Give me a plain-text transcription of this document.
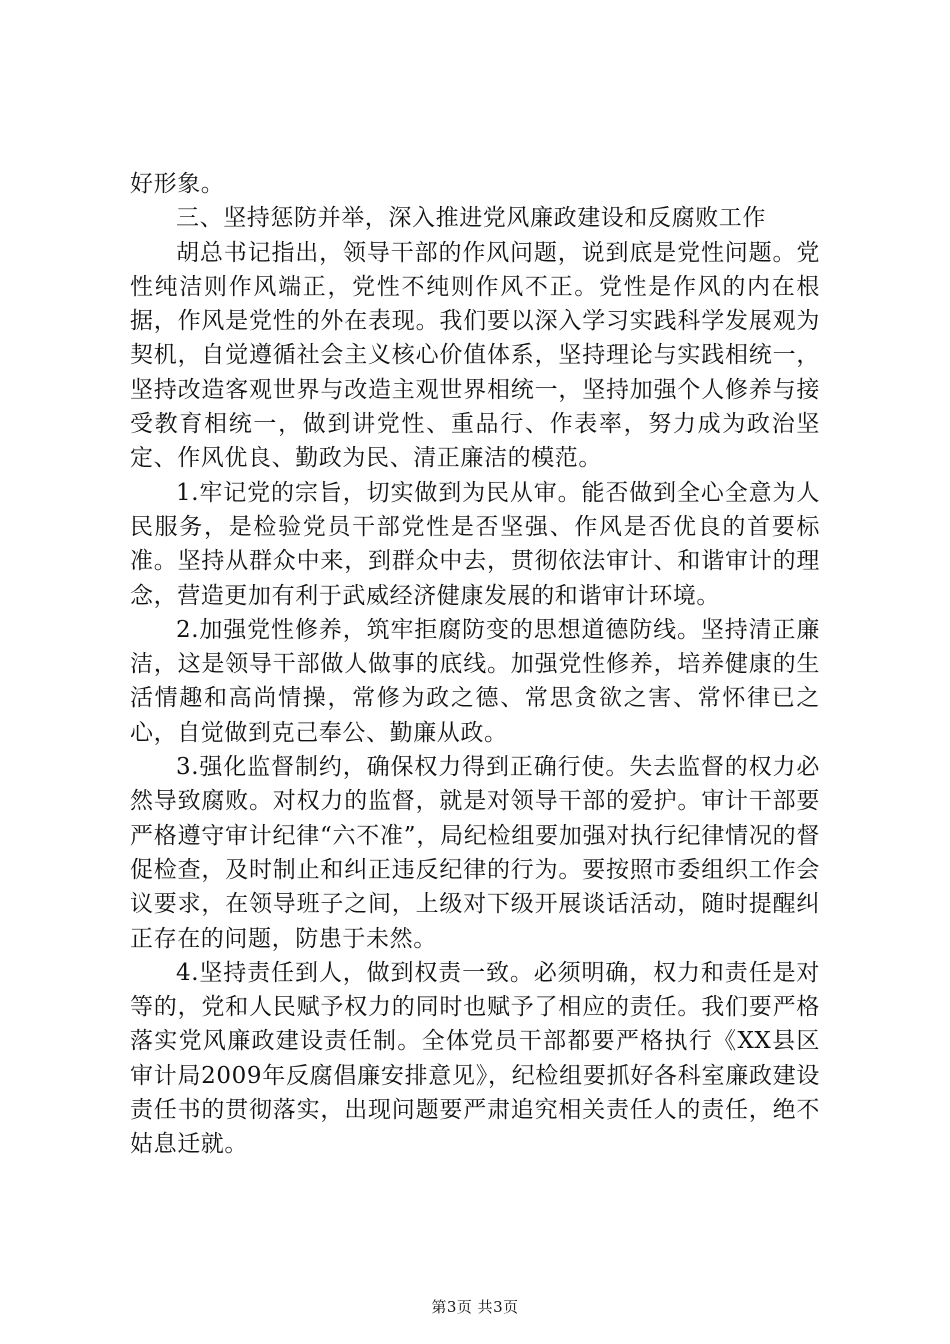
好形象。

三、坚持惩防并举，深入推进党风廉政建设和反腐败工作

胡总书记指出，领导干部的作风问题，说到底是党性问题。党性纯洁则作风端正，党性不纯则作风不正。党性是作风的内在根据，作风是党性的外在表现。我们要以深入学习实践科学发展观为契机，自觉遵循社会主义核心价值体系，坚持理论与实践相统一，坚持改造客观世界与改造主观世界相统一，坚持加强个人修养与接受教育相统一，做到讲党性、重品行、作表率，努力成为政治坚定、作风优良、勤政为民、清正廉洁的模范。

1.牢记党的宗旨，切实做到为民从审。能否做到全心全意为人民服务，是检验党员干部党性是否坚强、作风是否优良的首要标准。坚持从群众中来，到群众中去，贯彻依法审计、和谐审计的理念，营造更加有利于武威经济健康发展的和谐审计环境。

2.加强党性修养，筑牢拒腐防变的思想道德防线。坚持清正廉洁，这是领导干部做人做事的底线。加强党性修养，培养健康的生活情趣和高尚情操，常修为政之德、常思贪欲之害、常怀律已之心，自觉做到克己奉公、勤廉从政。

3.强化监督制约，确保权力得到正确行使。失去监督的权力必然导致腐败。对权力的监督，就是对领导干部的爱护。审计干部要严格遵守审计纪律“六不准”，局纪检组要加强对执行纪律情况的督促检查，及时制止和纠正违反纪律的行为。要按照市委组织工作会议要求，在领导班子之间，上级对下级开展谈话活动，随时提醒纠正存在的问题，防患于未然。

4.坚持责任到人，做到权责一致。必须明确，权力和责任是对等的，党和人民赋予权力的同时也赋予了相应的责任。我们要严格落实党风廉政建设责任制。全体党员干部都要严格执行《XX县区审计局2009年反腐倡廉安排意见》，纪检组要抓好各科室廉政建设责任书的贯彻落实，出现问题要严肃追究相关责任人的责任，绝不姑息迁就。

第3页 共3页
